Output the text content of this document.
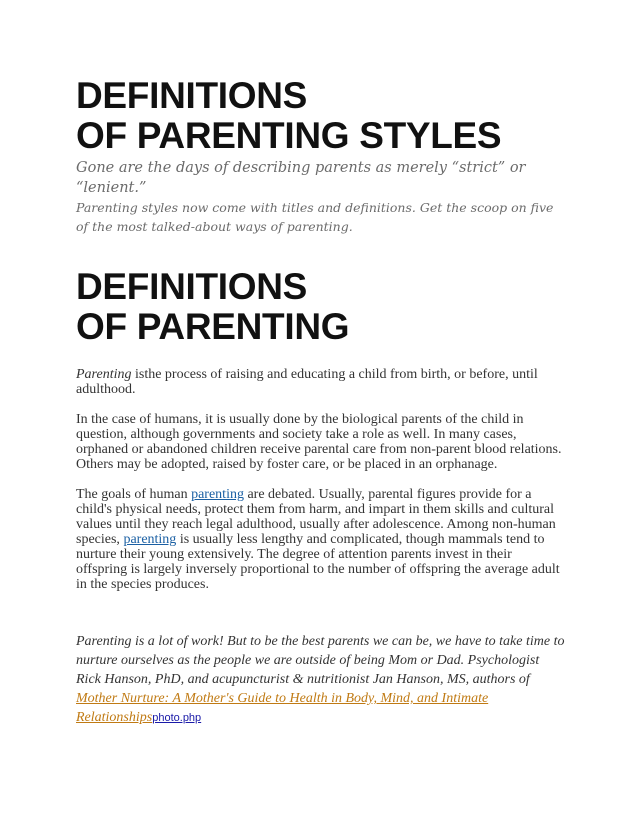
DEFINITIONS
OF PARENTING STYLES

Gone are the days of describing parents as merely “strict” or “lenient.”
Parenting styles now come with titles and definitions. Get the scoop on five of the most talked-about ways of parenting.

DEFINITIONS
OF PARENTING

Parenting isthe process of raising and educating a child from birth, or before, until adulthood.

In the case of humans, it is usually done by the biological parents of the child in question, although governments and society take a role as well. In many cases, orphaned or abandoned children receive parental care from non-parent blood relations. Others may be adopted, raised by foster care, or be placed in an orphanage.

The goals of human parenting are debated. Usually, parental figures provide for a child's physical needs, protect them from harm, and impart in them skills and cultural values until they reach legal adulthood, usually after adolescence. Among non-human species, parenting is usually less lengthy and complicated, though mammals tend to nurture their young extensively. The degree of attention parents invest in their offspring is largely inversely proportional to the number of offspring the average adult in the species produces.

Parenting is a lot of work! But to be the best parents we can be, we have to take time to nurture ourselves as the people we are outside of being Mom or Dad. Psychologist Rick Hanson, PhD, and acupuncturist & nutritionist Jan Hanson, MS, authors of Mother Nurture: A Mother's Guide to Health in Body, Mind, and Intimate Relationshipsphoto.php
